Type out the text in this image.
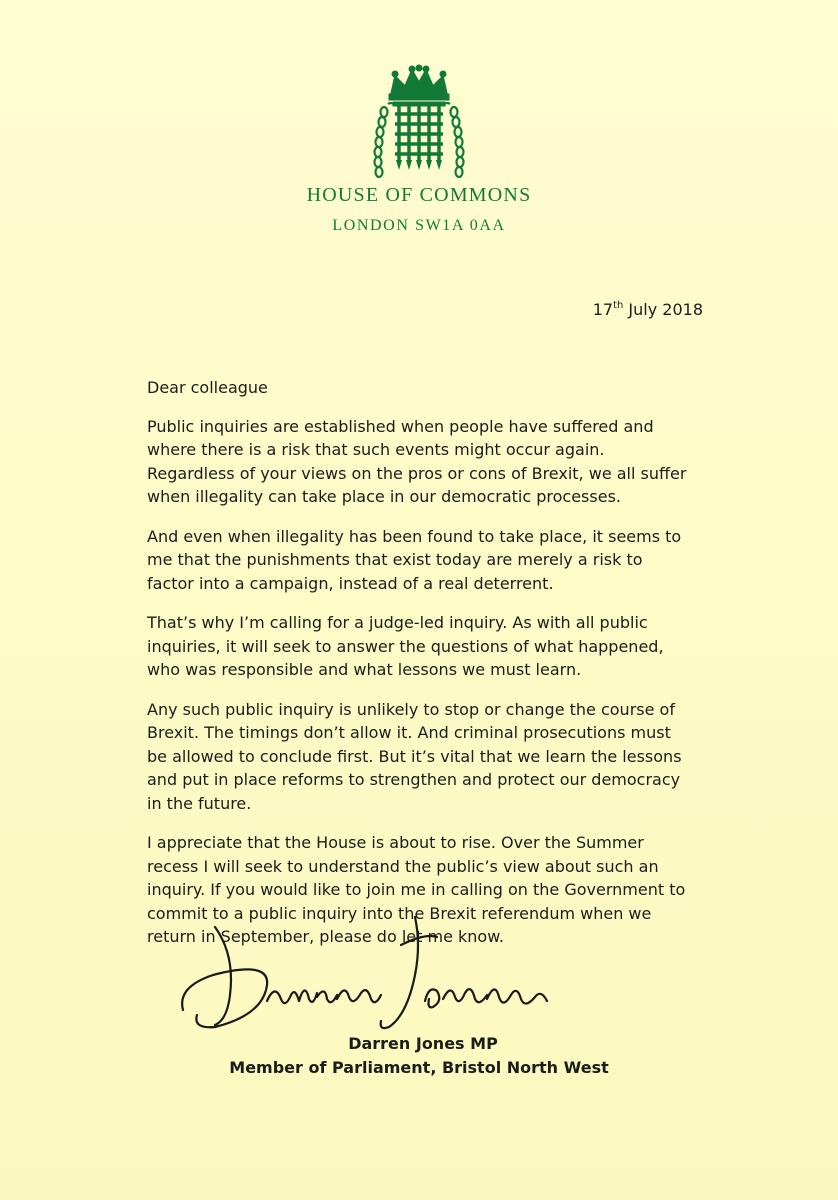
HOUSE OF COMMONS
LONDON SW1A 0AA
17th July 2018

Dear colleague

Public inquiries are established when people have suffered and
where there is a risk that such events might occur again.
Regardless of your views on the pros or cons of Brexit, we all suffer
when illegality can take place in our democratic processes.

And even when illegality has been found to take place, it seems to
me that the punishments that exist today are merely a risk to
factor into a campaign, instead of a real deterrent.

That’s why I’m calling for a judge-led inquiry. As with all public
inquiries, it will seek to answer the questions of what happened,
who was responsible and what lessons we must learn.

Any such public inquiry is unlikely to stop or change the course of
Brexit. The timings don’t allow it. And criminal prosecutions must
be allowed to conclude first. But it’s vital that we learn the lessons
and put in place reforms to strengthen and protect our democracy
in the future.

I appreciate that the House is about to rise. Over the Summer
recess I will seek to understand the public’s view about such an
inquiry. If you would like to join me in calling on the Government to
commit to a public inquiry into the Brexit referendum when we
return in September, please do let me know.

Darren Jones MP
Member of Parliament, Bristol North West
